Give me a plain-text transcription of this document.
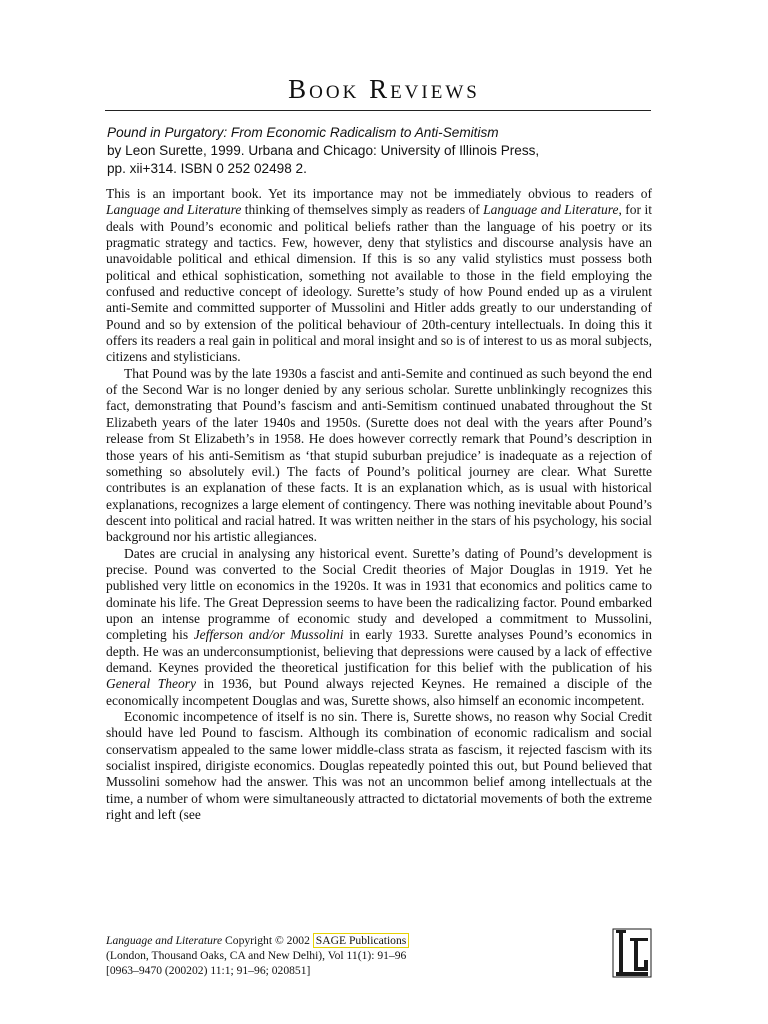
Book Reviews
Pound in Purgatory: From Economic Radicalism to Anti-Semitism
by Leon Surette, 1999. Urbana and Chicago: University of Illinois Press,
pp. xii+314. ISBN 0 252 02498 2.

This is an important book. Yet its importance may not be immediately obvious to readers of Language and Literature thinking of themselves simply as readers of Language and Literature, for it deals with Pound’s economic and political beliefs rather than the language of his poetry or its pragmatic strategy and tactics. Few, however, deny that stylistics and discourse analysis have an unavoidable political and ethical dimension. If this is so any valid stylistics must possess both political and ethical sophistication, something not available to those in the field employing the confused and reductive concept of ideology. Surette’s study of how Pound ended up as a virulent anti-Semite and committed supporter of Mussolini and Hitler adds greatly to our understanding of Pound and so by extension of the political behaviour of 20th-century intellectuals. In doing this it offers its readers a real gain in political and moral insight and so is of interest to us as moral subjects, citizens and stylisticians.

That Pound was by the late 1930s a fascist and anti-Semite and continued as such beyond the end of the Second War is no longer denied by any serious scholar. Surette unblinkingly recognizes this fact, demonstrating that Pound’s fascism and anti-Semitism continued unabated throughout the St Elizabeth years of the later 1940s and 1950s. (Surette does not deal with the years after Pound’s release from St Elizabeth’s in 1958. He does however correctly remark that Pound’s description in those years of his anti-Semitism as ‘that stupid suburban prejudice’ is inadequate as a rejection of something so absolutely evil.) The facts of Pound’s political journey are clear. What Surette contributes is an explanation of these facts. It is an explanation which, as is usual with historical explanations, recognizes a large element of contingency. There was nothing inevitable about Pound’s descent into political and racial hatred. It was written neither in the stars of his psychology, his social background nor his artistic allegiances.

Dates are crucial in analysing any historical event. Surette’s dating of Pound’s development is precise. Pound was converted to the Social Credit theories of Major Douglas in 1919. Yet he published very little on economics in the 1920s. It was in 1931 that economics and politics came to dominate his life. The Great Depression seems to have been the radicalizing factor. Pound embarked upon an intense programme of economic study and developed a commitment to Mussolini, completing his Jefferson and/or Mussolini in early 1933. Surette analyses Pound’s economics in depth. He was an underconsumptionist, believing that depressions were caused by a lack of effective demand. Keynes provided the theoretical justification for this belief with the publication of his General Theory in 1936, but Pound always rejected Keynes. He remained a disciple of the economically incompetent Douglas and was, Surette shows, also himself an economic incompetent.

Economic incompetence of itself is no sin. There is, Surette shows, no reason why Social Credit should have led Pound to fascism. Although its combination of economic radicalism and social conservatism appealed to the same lower middle-class strata as fascism, it rejected fascism with its socialist inspired, dirigiste economics. Douglas repeatedly pointed this out, but Pound believed that Mussolini somehow had the answer. This was not an uncommon belief among intellectuals at the time, a number of whom were simultaneously attracted to dictatorial movements of both the extreme right and left (see

Language and Literature Copyright © 2002 SAGE Publications
(London, Thousand Oaks, CA and New Delhi), Vol 11(1): 91–96
[0963–9470 (200202) 11:1; 91–96; 020851]
